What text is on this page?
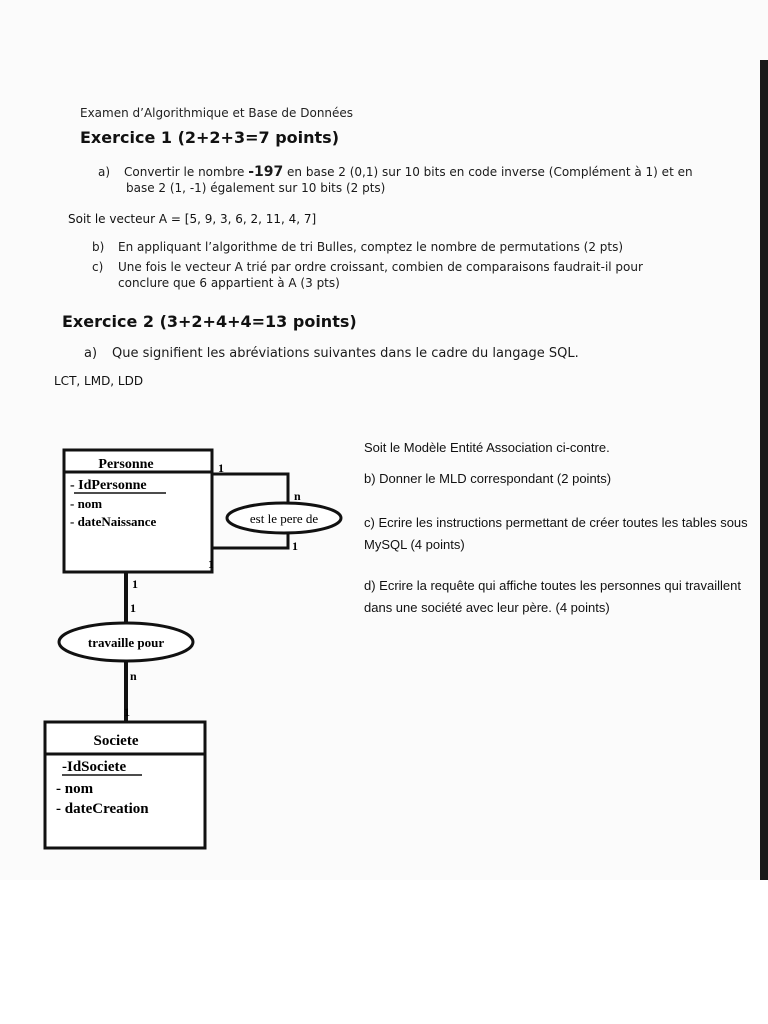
Examen d’Algorithmique et Base de Données
Exercice 1 (2+2+3=7 points)
a) Convertir le nombre -197 en base 2 (0,1) sur 10 bits en code inverse (Complément à 1) et en
base 2 (1, -1) également sur 10 bits (2 pts)
Soit le vecteur A = [5, 9, 3, 6, 2, 11, 4, 7]
b) En appliquant l’algorithme de tri Bulles, comptez le nombre de permutations (2 pts)
c) Une fois le vecteur A trié par ordre croissant, combien de comparaisons faudrait-il pour
conclure que 6 appartient à A (3 pts)
Exercice 2 (3+2+4+4=13 points)
a) Que signifient les abréviations suivantes dans le cadre du langage SQL.
LCT, LMD, LDD
Soit le Modèle Entité Association ci-contre.
b) Donner le MLD correspondant (2 points)
c) Ecrire les instructions permettant de créer toutes les tables sous MySQL (4 points)
d) Ecrire la requête qui affiche toutes les personnes qui travaillent dans une société avec leur père. (4 points)
Personne
- IdPersonne
- nom
- dateNaissance	est le pere de
travaille pour
Societe
-IdSociete
- nom
- dateCreation
1
n
1
1
1
1
n
1
